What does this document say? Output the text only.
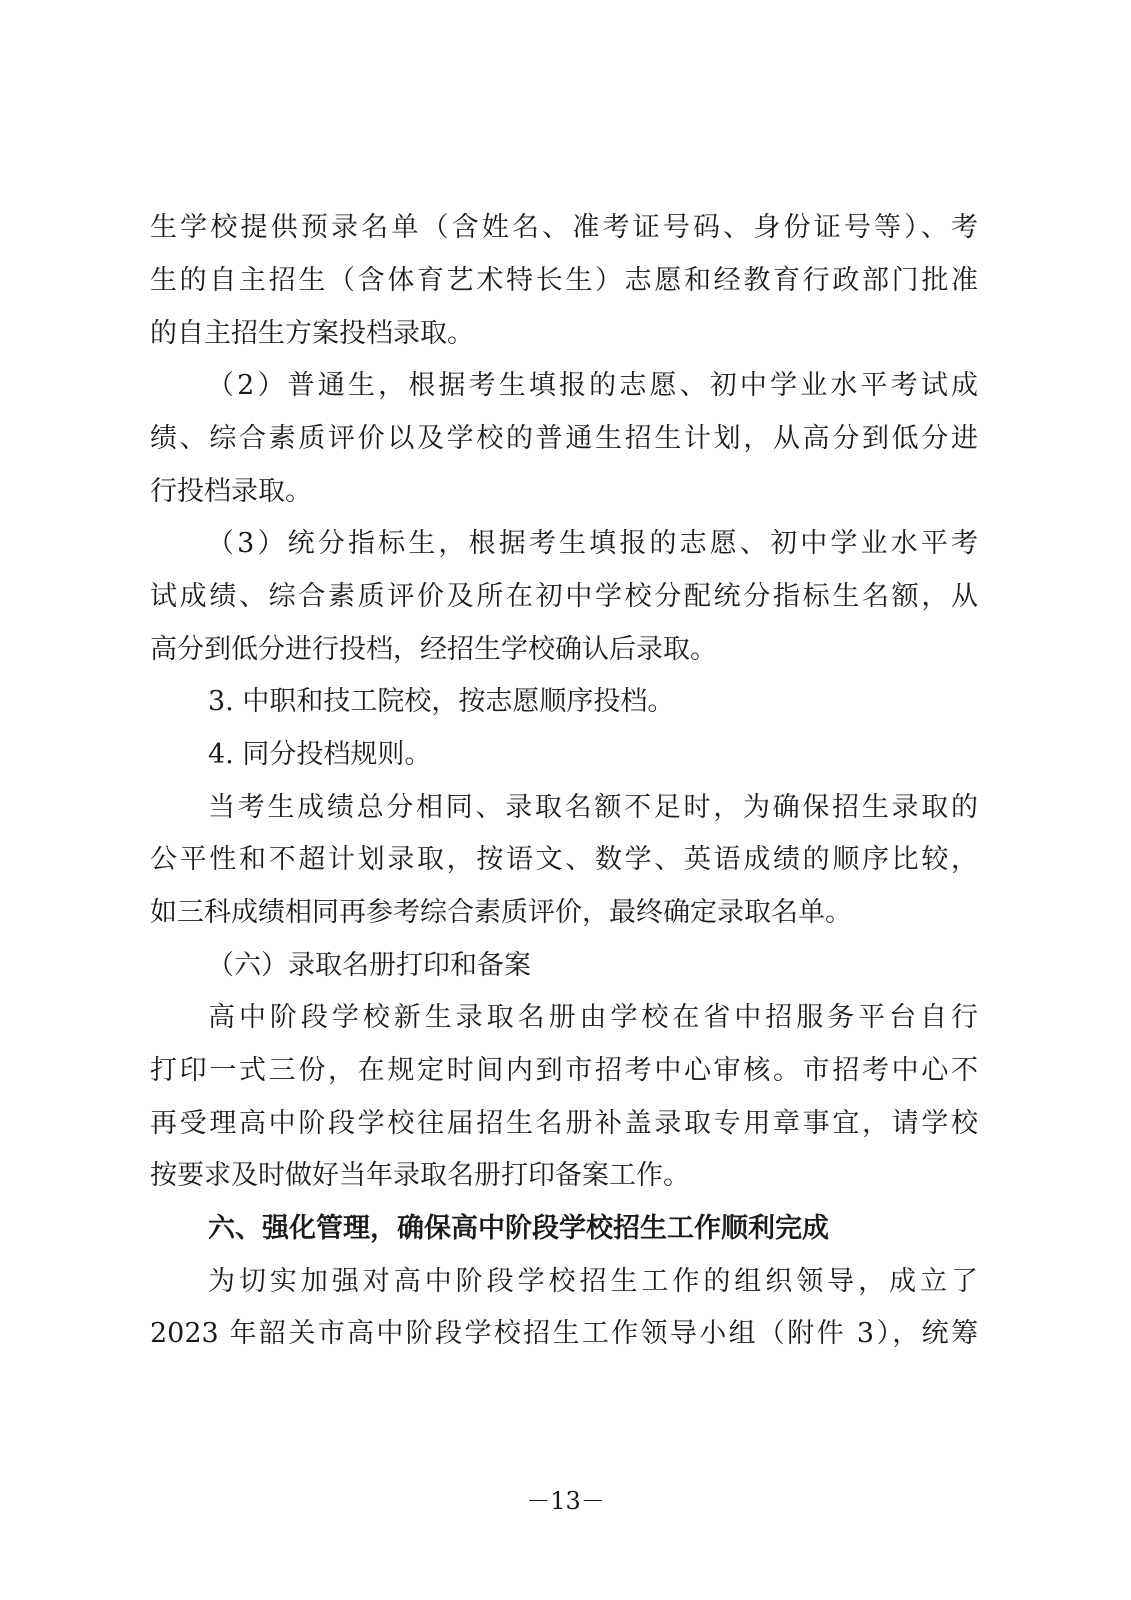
生学校提供预录名单（含姓名、准考证号码、身份证号等）、考
生的自主招生（含体育艺术特长生）志愿和经教育行政部门批准
的自主招生方案投档录取。
（2）普通生，根据考生填报的志愿、初中学业水平考试成
绩、综合素质评价以及学校的普通生招生计划，从高分到低分进
行投档录取。
（3）统分指标生，根据考生填报的志愿、初中学业水平考
试成绩、综合素质评价及所在初中学校分配统分指标生名额，从
高分到低分进行投档，经招生学校确认后录取。
3. 中职和技工院校，按志愿顺序投档。
4. 同分投档规则。
当考生成绩总分相同、录取名额不足时，为确保招生录取的
公平性和不超计划录取，按语文、数学、英语成绩的顺序比较，
如三科成绩相同再参考综合素质评价，最终确定录取名单。
（六）录取名册打印和备案
高中阶段学校新生录取名册由学校在省中招服务平台自行
打印一式三份，在规定时间内到市招考中心审核。市招考中心不
再受理高中阶段学校往届招生名册补盖录取专用章事宜，请学校
按要求及时做好当年录取名册打印备案工作。
六、强化管理，确保高中阶段学校招生工作顺利完成
为切实加强对高中阶段学校招生工作的组织领导，成立了
2023 年韶关市高中阶段学校招生工作领导小组（附件 3），统筹
－13－
